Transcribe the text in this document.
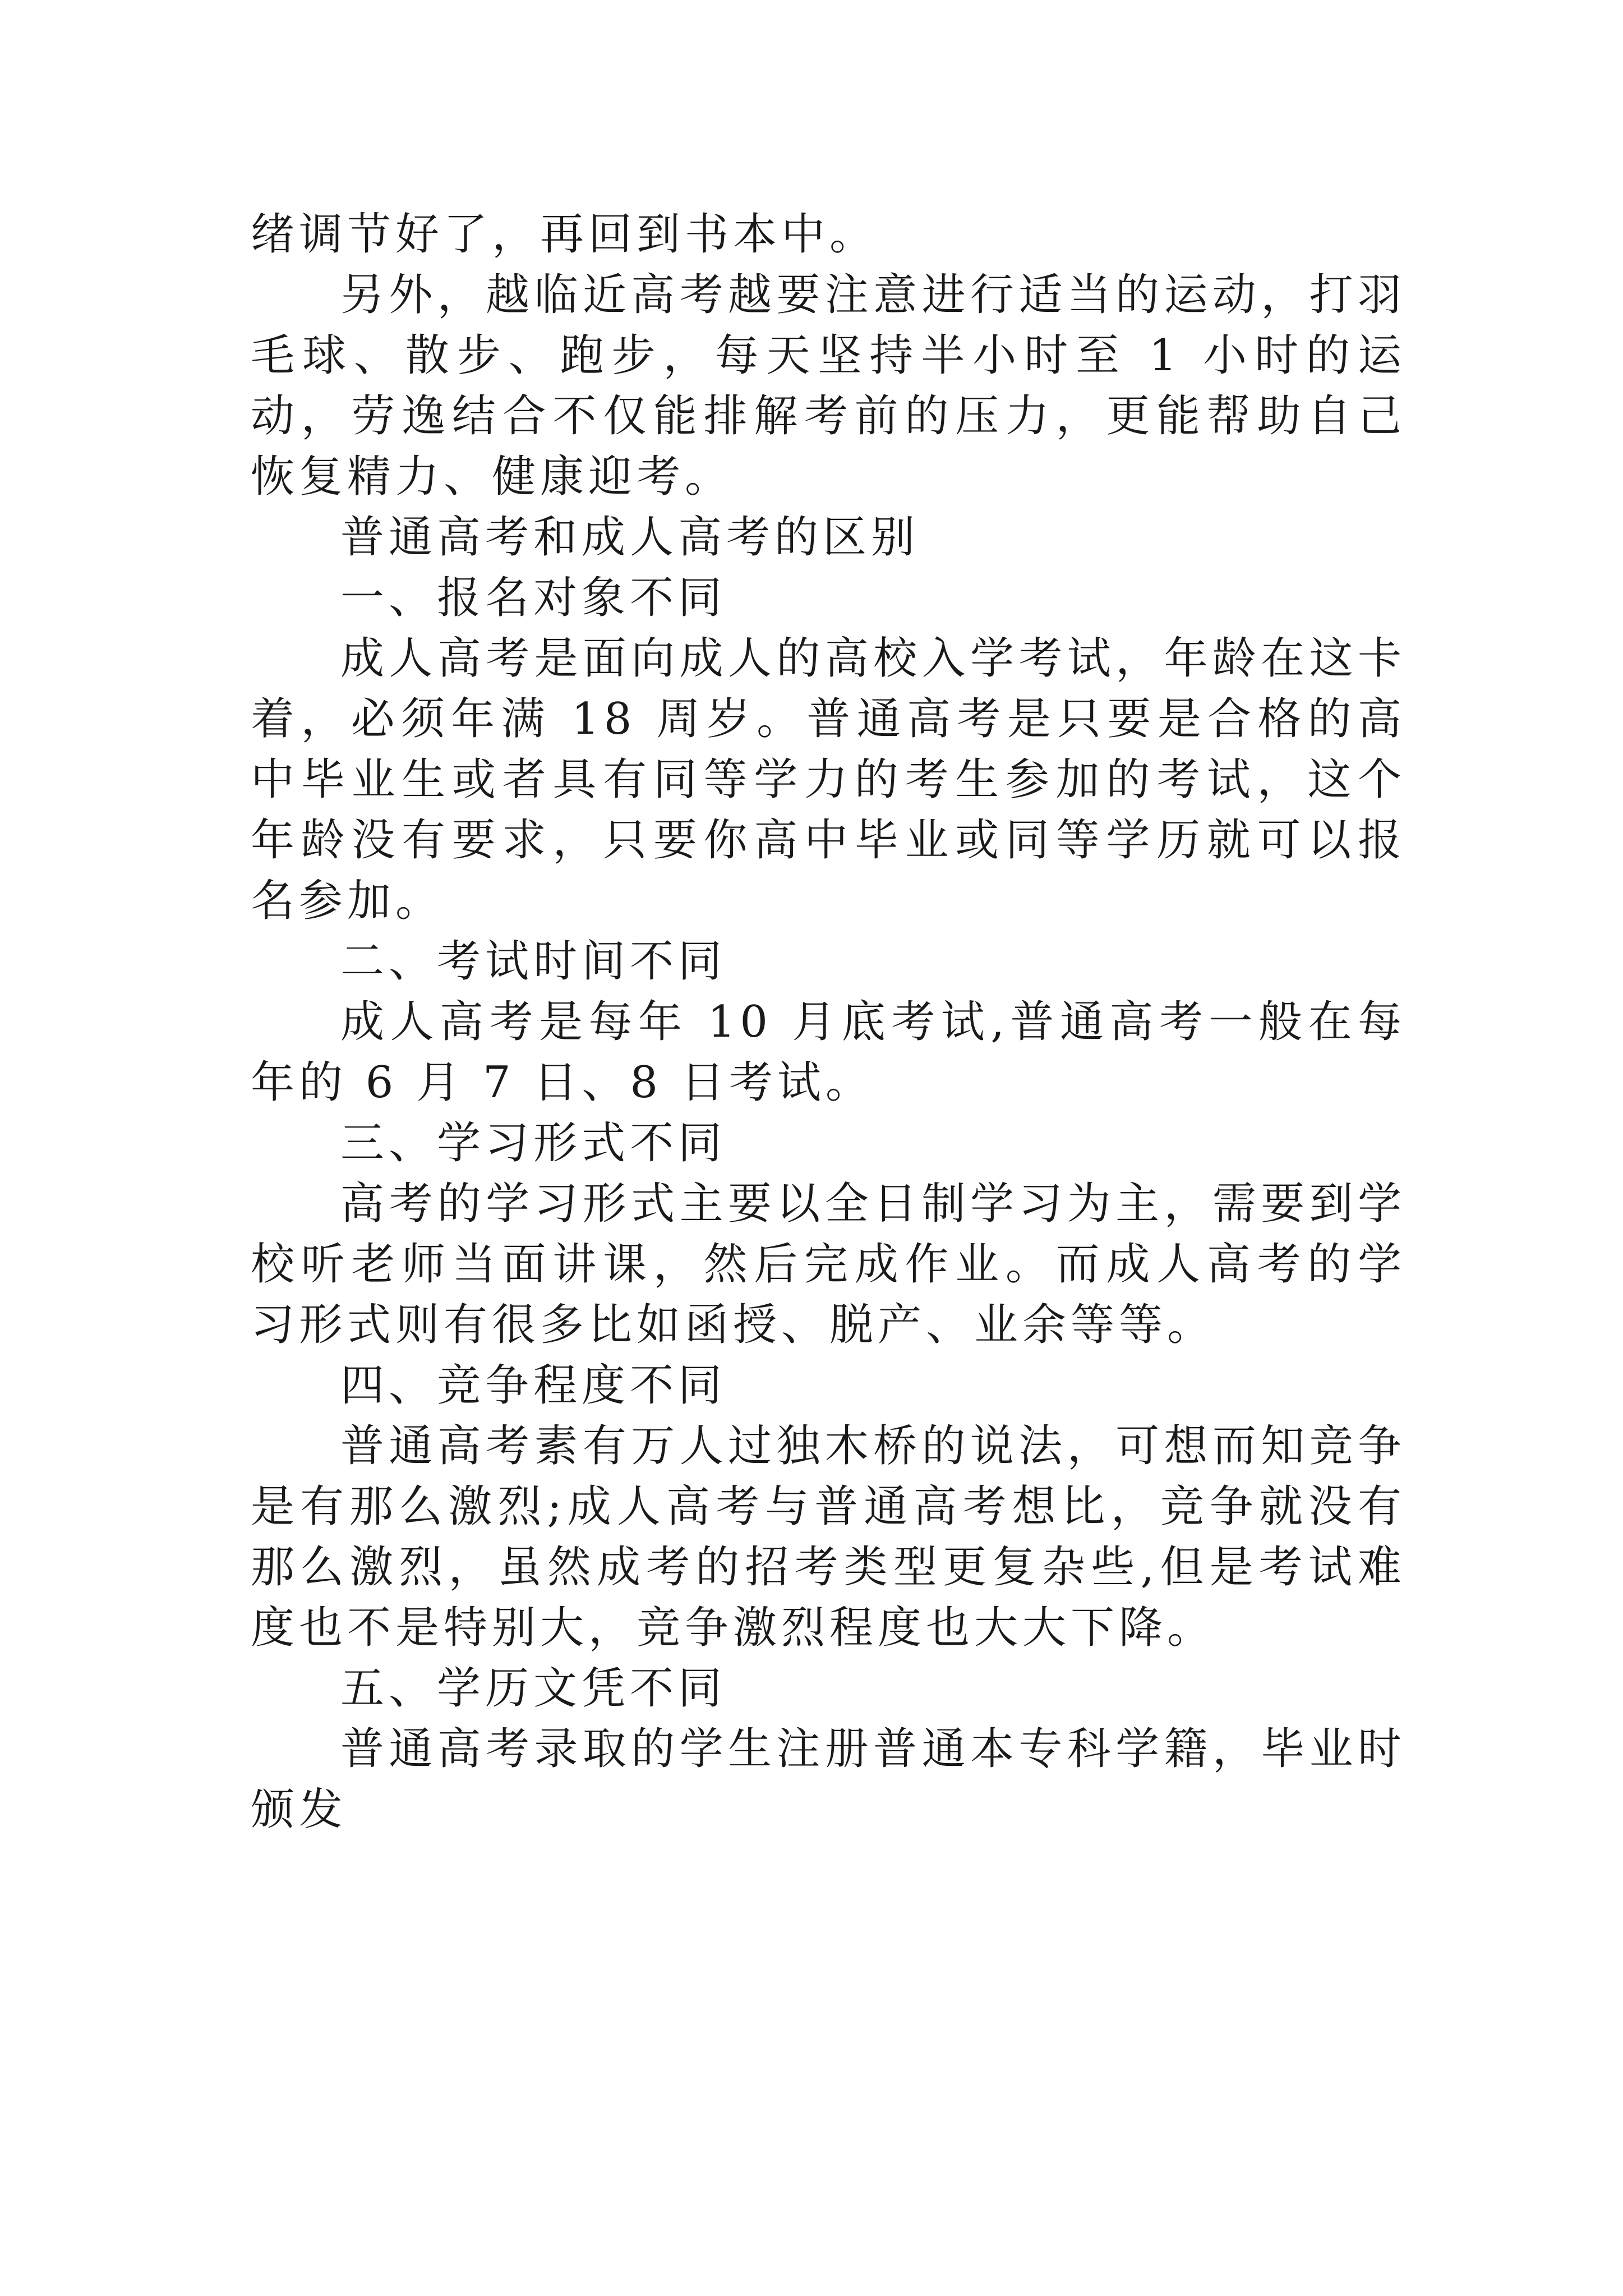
绪调节好了，再回到书本中。

另外，越临近高考越要注意进行适当的运动，打羽毛球、散步、跑步，每天坚持半小时至 1 小时的运动，劳逸结合不仅能排解考前的压力，更能帮助自己恢复精力、健康迎考。

普通高考和成人高考的区别

一、报名对象不同

成人高考是面向成人的高校入学考试，年龄在这卡着，必须年满 18 周岁。普通高考是只要是合格的高中毕业生或者具有同等学力的考生参加的考试，这个年龄没有要求，只要你高中毕业或同等学历就可以报名参加。

二、考试时间不同

成人高考是每年 10 月底考试,普通高考一般在每年的 6 月 7 日、8 日考试。

三、学习形式不同

高考的学习形式主要以全日制学习为主，需要到学校听老师当面讲课，然后完成作业。而成人高考的学习形式则有很多比如函授、脱产、业余等等。

四、竞争程度不同

普通高考素有万人过独木桥的说法，可想而知竞争是有那么激烈;成人高考与普通高考想比，竞争就没有那么激烈，虽然成考的招考类型更复杂些,但是考试难度也不是特别大，竞争激烈程度也大大下降。

五、学历文凭不同

普通高考录取的学生注册普通本专科学籍，毕业时颁发
